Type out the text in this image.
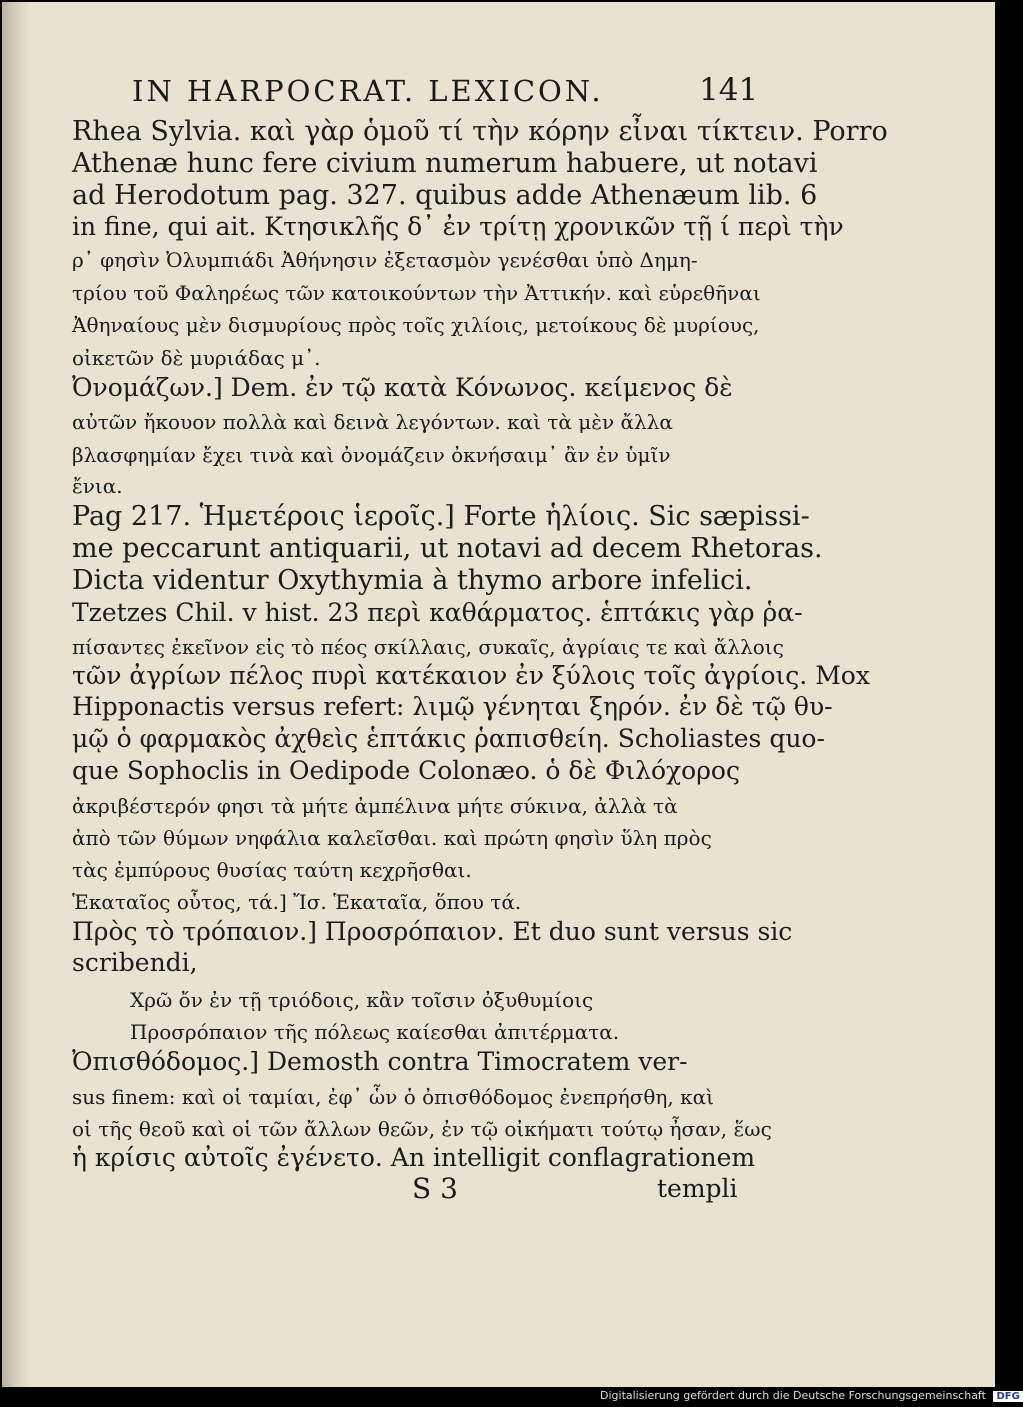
IN HARPOCRAT. LEXICON.	141
Rhea Sylvia. καὶ γὰρ ὁμοῦ τί τὴν κόρην εἶναι τίκτειν. Porro
Athenæ hunc fere civium numerum habuere, ut notavi
ad Herodotum pag. 327. quibus adde Athenæum lib. 6
in fine, qui ait. Κτησικλῆς δ᾽ ἐν τρίτῃ χρονικῶν τῇ ί περὶ τὴν
ρ᾽ φησὶν Ὀλυμπιάδι Ἀθήνησιν ἐξετασμὸν γενέσθαι ὑπὸ Δημη-
τρίου τοῦ Φαληρέως τῶν κατοικούντων τὴν Ἀττικήν. καὶ εὑρεθῆναι
Ἀθηναίους μὲν δισμυρίους πρὸς τοῖς χιλίοις, μετοίκους δὲ μυρίους,
οἰκετῶν δὲ μυριάδας μ᾽.
Ὀνομάζων.] Dem. ἐν τῷ κατὰ Κόνωνος. κείμενος δὲ
αὐτῶν ἤκουον πολλὰ καὶ δεινὰ λεγόντων. καὶ τὰ μὲν ἄλλα
βλασφημίαν ἔχει τινὰ καὶ ὀνομάζειν ὀκνήσαιμ᾽ ἂν ἐν ὑμῖν
ἔνια.
Pag 217. Ἡμετέροις ἱεροῖς.] Forte ἡλίοις. Sic sæpissi-
me peccarunt antiquarii, ut notavi ad decem Rhetoras.
Dicta videntur Oxythymia à thymo arbore infelici.
Tzetzes Chil. v hist. 23 περὶ καθάρματος. ἑπτάκις γὰρ ῥα-
πίσαντες ἐκεῖνον εἰς τὸ πέος σκίλλαις, συκαῖς, ἀγρίαις τε καὶ ἄλλοις
τῶν ἀγρίων πέλος πυρὶ κατέκαιον ἐν ξύλοις τοῖς ἀγρίοις. Mox
Hipponactis versus refert: λιμῷ γένηται ξηρόν. ἐν δὲ τῷ θυ-
μῷ ὁ φαρμακὸς ἀχθεὶς ἑπτάκις ῥαπισθείη. Scholiastes quo-
que Sophoclis in Oedipode Colonæo. ὁ δὲ Φιλόχορος
ἀκριβέστερόν φησι τὰ μήτε ἀμπέλινα μήτε σύκινα, ἀλλὰ τὰ
ἀπὸ τῶν θύμων νηφάλια καλεῖσθαι. καὶ πρώτη φησὶν ὕλη πρὸς
τὰς ἐμπύρους θυσίας ταύτη κεχρῆσθαι.
Ἑκαταῖος οὗτος, τά.] Ἴσ. Ἑκαταῖα, ὅπου τά.
Πρὸς τὸ τρόπαιον.] Προσρόπαιον. Et duo sunt versus sic
scribendi,
Χρῶ ὄν ἐν τῇ τριόδοις, κἂν τοῖσιν ὀξυθυμίοις
Προσρόπαιον τῆς πόλεως καίεσθαι ἀπιτέρματα.
Ὀπισθόδομος.] Demosth contra Timocratem ver-
sus finem: καὶ οἱ ταμίαι, ἐφ᾽ ὧν ὁ ὀπισθόδομος ἐνεπρήσθη, καὶ
οἱ τῆς θεοῦ καὶ οἱ τῶν ἄλλων θεῶν, ἐν τῷ οἰκήματι τούτῳ ἦσαν, ἕως
ἡ κρίσις αὐτοῖς ἐγένετο. An intelligit conflagrationem
S 3	templi
Digitalisierung gefördert durch die Deutsche Forschungsgemeinschaft DFG
